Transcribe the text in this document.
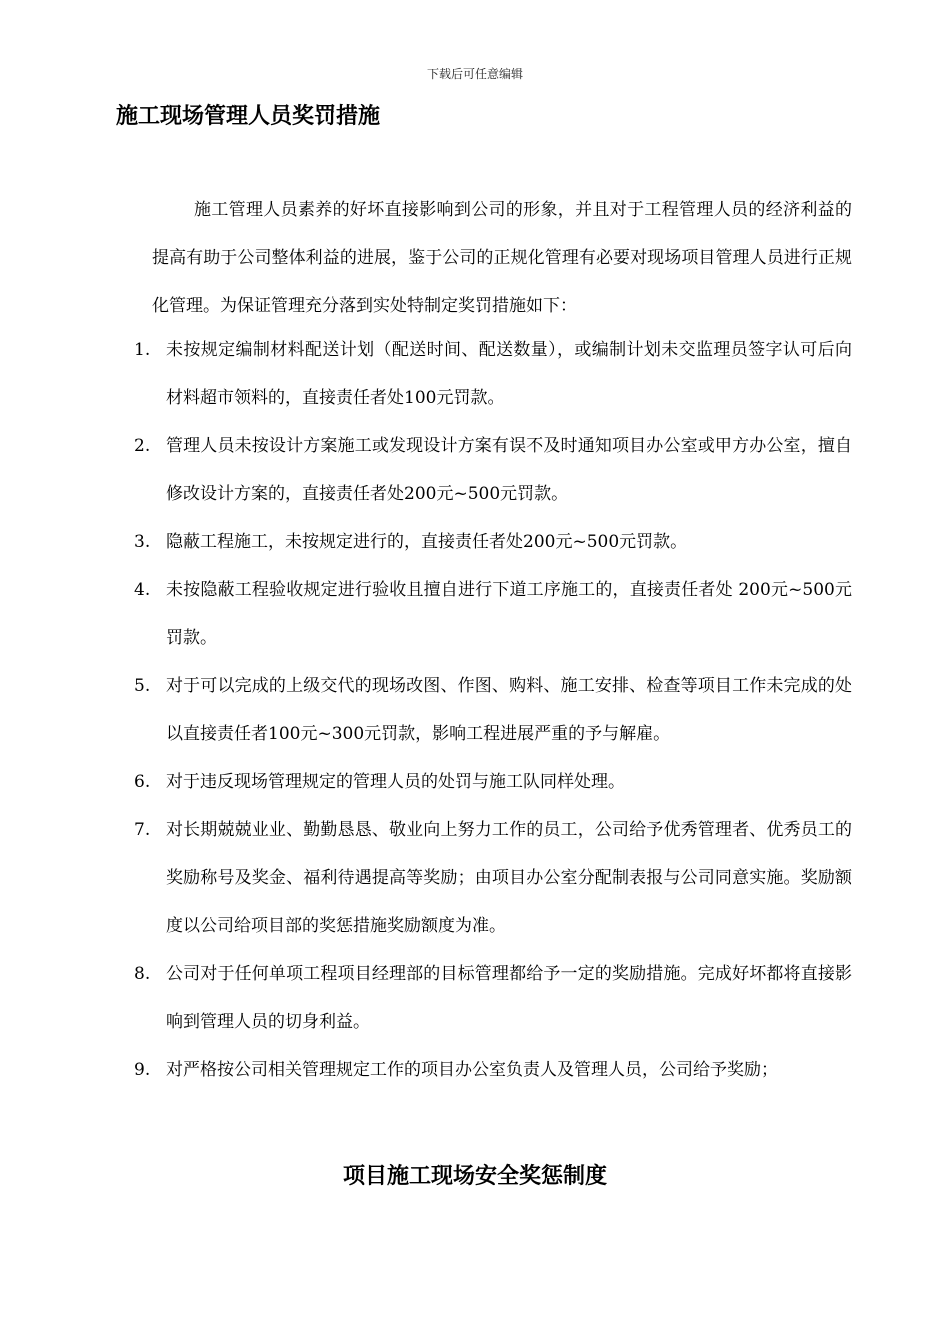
下载后可任意编辑
施工现场管理人员奖罚措施

施工管理人员素养的好坏直接影响到公司的形象，并且对于工程管理人员的经济利益的提高有助于公司整体利益的进展，鉴于公司的正规化管理有必要对现场项目管理人员进行正规化管理。为保证管理充分落到实处特制定奖罚措施如下：

1. 未按规定编制材料配送计划（配送时间、配送数量），或编制计划未交监理员签字认可后向材料超市领料的，直接责任者处100元罚款。
2. 管理人员未按设计方案施工或发现设计方案有误不及时通知项目办公室或甲方办公室，擅自修改设计方案的，直接责任者处200元~500元罚款。
3. 隐蔽工程施工，未按规定进行的，直接责任者处200元~500元罚款。
4. 未按隐蔽工程验收规定进行验收且擅自进行下道工序施工的，直接责任者处 200元~500元罚款。
5. 对于可以完成的上级交代的现场改图、作图、购料、施工安排、检查等项目工作未完成的处以直接责任者100元~300元罚款，影响工程进展严重的予与解雇。
6. 对于违反现场管理规定的管理人员的处罚与施工队同样处理。
7. 对长期兢兢业业、勤勤恳恳、敬业向上努力工作的员工，公司给予优秀管理者、优秀员工的奖励称号及奖金、福利待遇提高等奖励；由项目办公室分配制表报与公司同意实施。奖励额度以公司给项目部的奖惩措施奖励额度为准。
8. 公司对于任何单项工程项目经理部的目标管理都给予一定的奖励措施。完成好坏都将直接影响到管理人员的切身利益。
9. 对严格按公司相关管理规定工作的项目办公室负责人及管理人员，公司给予奖励；
项目施工现场安全奖惩制度
